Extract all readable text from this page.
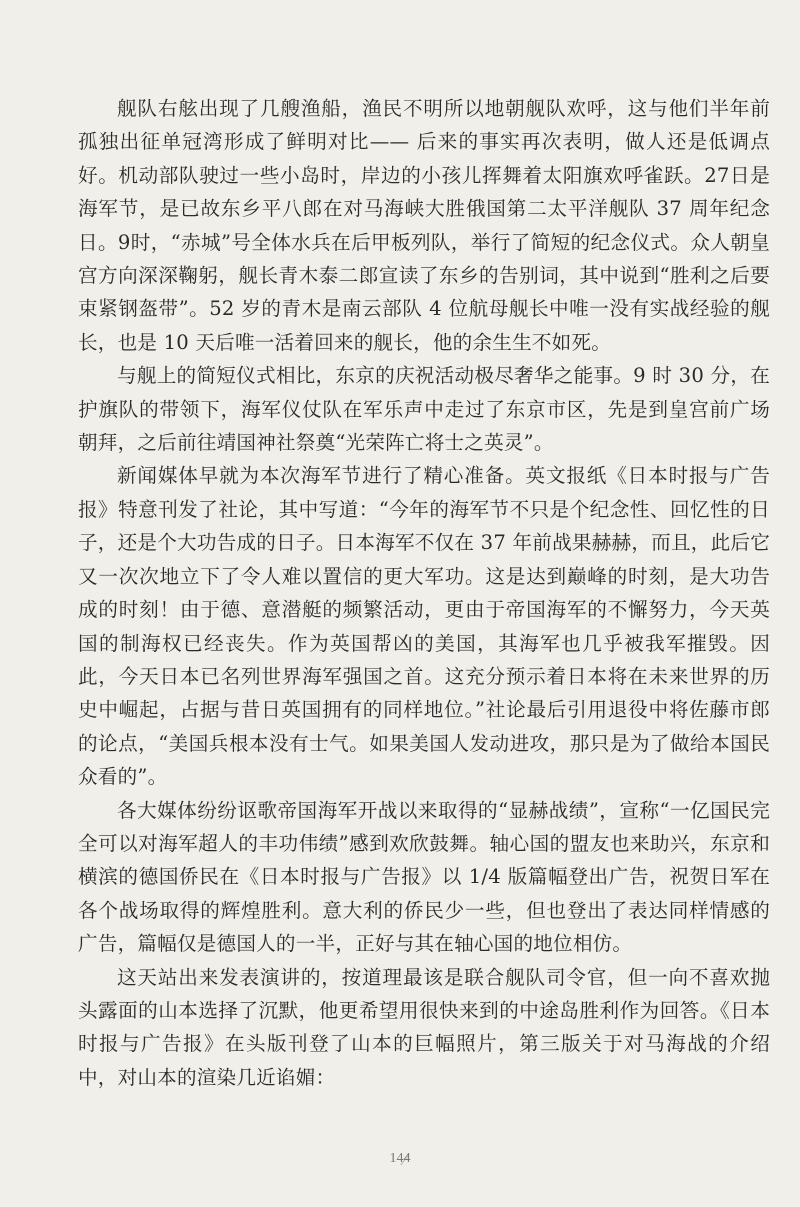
舰队右舷出现了几艘渔船，渔民不明所以地朝舰队欢呼，这与他们半年前孤独出征单冠湾形成了鲜明对比—— 后来的事实再次表明，做人还是低调点好。机动部队驶过一些小岛时，岸边的小孩儿挥舞着太阳旗欢呼雀跃。27日是海军节，是已故东乡平八郎在对马海峡大胜俄国第二太平洋舰队 37 周年纪念日。9时，“赤城”号全体水兵在后甲板列队，举行了简短的纪念仪式。众人朝皇宫方向深深鞠躬，舰长青木泰二郎宣读了东乡的告别词，其中说到“胜利之后要束紧钢盔带”。52 岁的青木是南云部队 4 位航母舰长中唯一没有实战经验的舰长，也是 10 天后唯一活着回来的舰长，他的余生生不如死。

与舰上的简短仪式相比，东京的庆祝活动极尽奢华之能事。9 时 30 分，在护旗队的带领下，海军仪仗队在军乐声中走过了东京市区，先是到皇宫前广场朝拜，之后前往靖国神社祭奠“光荣阵亡将士之英灵”。

新闻媒体早就为本次海军节进行了精心准备。英文报纸《日本时报与广告报》特意刊发了社论，其中写道：“今年的海军节不只是个纪念性、回忆性的日子，还是个大功告成的日子。日本海军不仅在 37 年前战果赫赫，而且，此后它又一次次地立下了令人难以置信的更大军功。这是达到巅峰的时刻，是大功告成的时刻！由于德、意潜艇的频繁活动，更由于帝国海军的不懈努力，今天英国的制海权已经丧失。作为英国帮凶的美国，其海军也几乎被我军摧毁。因此，今天日本已名列世界海军强国之首。这充分预示着日本将在未来世界的历史中崛起，占据与昔日英国拥有的同样地位。”社论最后引用退役中将佐藤市郎的论点，“美国兵根本没有士气。如果美国人发动进攻，那只是为了做给本国民众看的”。

各大媒体纷纷讴歌帝国海军开战以来取得的“显赫战绩”，宣称“一亿国民完全可以对海军超人的丰功伟绩”感到欢欣鼓舞。轴心国的盟友也来助兴，东京和横滨的德国侨民在《日本时报与广告报》以 1/4 版篇幅登出广告，祝贺日军在各个战场取得的辉煌胜利。意大利的侨民少一些，但也登出了表达同样情感的广告，篇幅仅是德国人的一半，正好与其在轴心国的地位相仿。

这天站出来发表演讲的，按道理最该是联合舰队司令官，但一向不喜欢抛头露面的山本选择了沉默，他更希望用很快来到的中途岛胜利作为回答。《日本时报与广告报》在头版刊登了山本的巨幅照片，第三版关于对马海战的介绍中，对山本的渲染几近谄媚：

144
